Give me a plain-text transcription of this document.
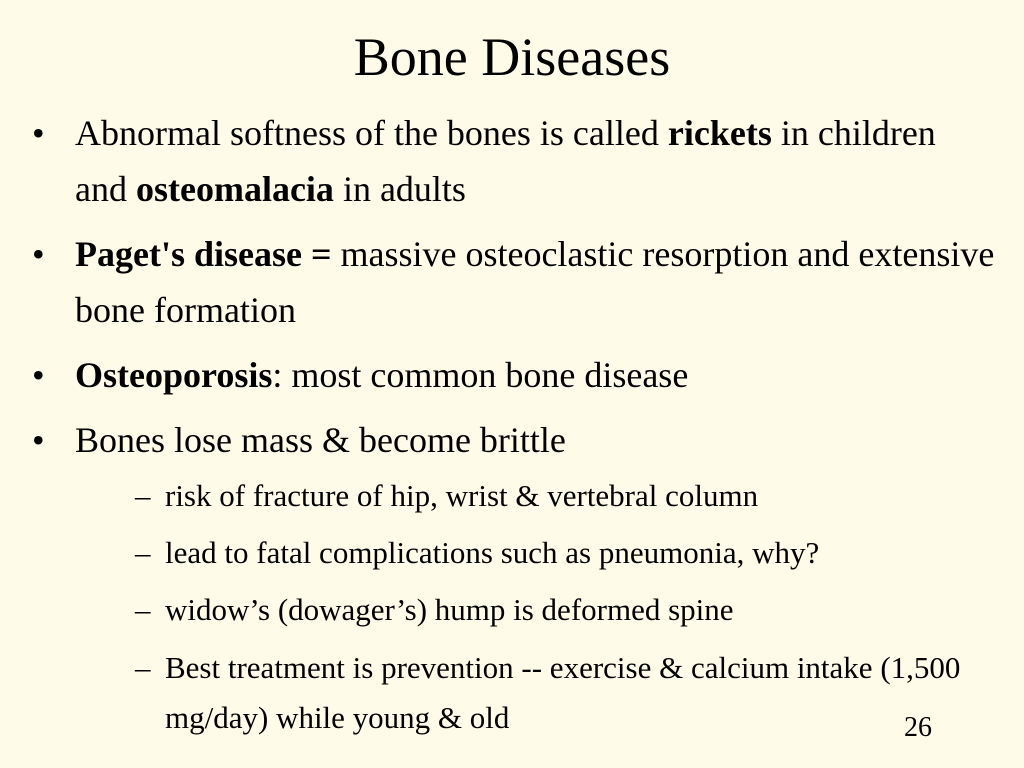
Bone Diseases
• Abnormal softness of the bones is called rickets in children and osteomalacia in adults
• Paget's disease = massive osteoclastic resorption and extensive bone formation
• Osteoporosis: most common bone disease
• Bones lose mass & become brittle
– risk of fracture of hip, wrist & vertebral column
– lead to fatal complications such as pneumonia, why?
– widow’s (dowager’s) hump is deformed spine
– Best treatment is prevention -- exercise & calcium intake (1,500 mg/day) while young & old	26
